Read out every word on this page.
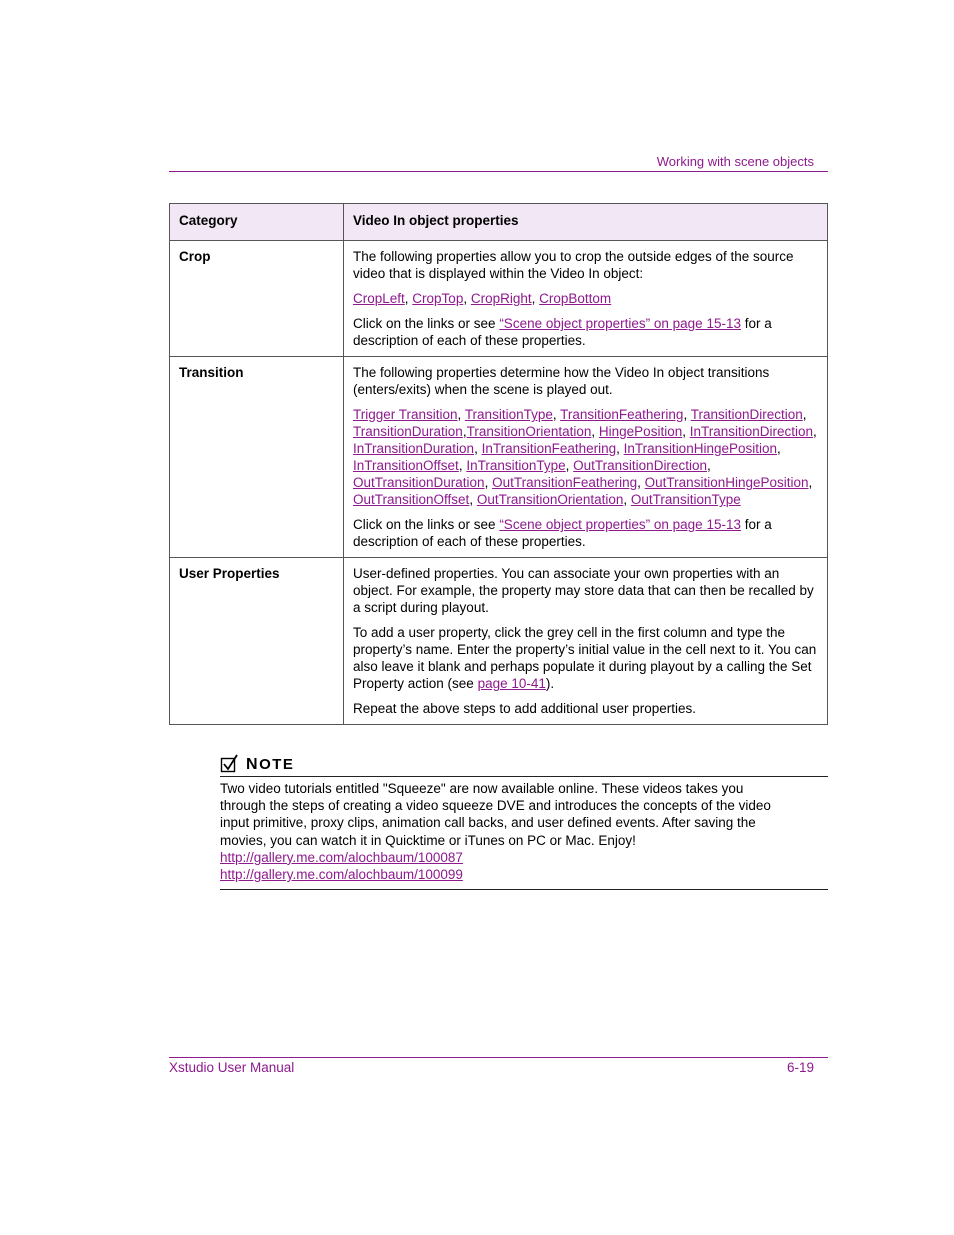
Working with scene objects
Category	Video In object properties
Crop	The following properties allow you to crop the outside edges of the source video that is displayed within the Video In object:

CropLeft, CropTop, CropRight, CropBottom

Click on the links or see “Scene object properties” on page 15-13 for a description of each of these properties.

Transition	The following properties determine how the Video In object transitions (enters/exits) when the scene is played out.

Trigger Transition, TransitionType, TransitionFeathering, TransitionDirection, TransitionDuration,TransitionOrientation, HingePosition, InTransitionDirection, InTransitionDuration, InTransitionFeathering, InTransitionHingePosition, InTransitionOffset, InTransitionType, OutTransitionDirection, OutTransitionDuration, OutTransitionFeathering, OutTransitionHingePosition, OutTransitionOffset, OutTransitionOrientation, OutTransitionType

Click on the links or see “Scene object properties” on page 15-13 for a description of each of these properties.

User Properties	User-defined properties. You can associate your own properties with an object. For example, the property may store data that can then be recalled by a script during playout.

To add a user property, click the grey cell in the first column and type the property’s name. Enter the property’s initial value in the cell next to it. You can also leave it blank and perhaps populate it during playout by a calling the Set Property action (see page 10-41).

Repeat the above steps to add additional user properties.

NOTE
Two video tutorials entitled "Squeeze" are now available online. These videos takes you through the steps of creating a video squeeze DVE and introduces the concepts of the video input primitive, proxy clips, animation call backs, and user defined events. After saving the movies, you can watch it in Quicktime or iTunes on PC or Mac. Enjoy!
http://gallery.me.com/alochbaum/100087
http://gallery.me.com/alochbaum/100099
Xstudio User Manual	6-19
